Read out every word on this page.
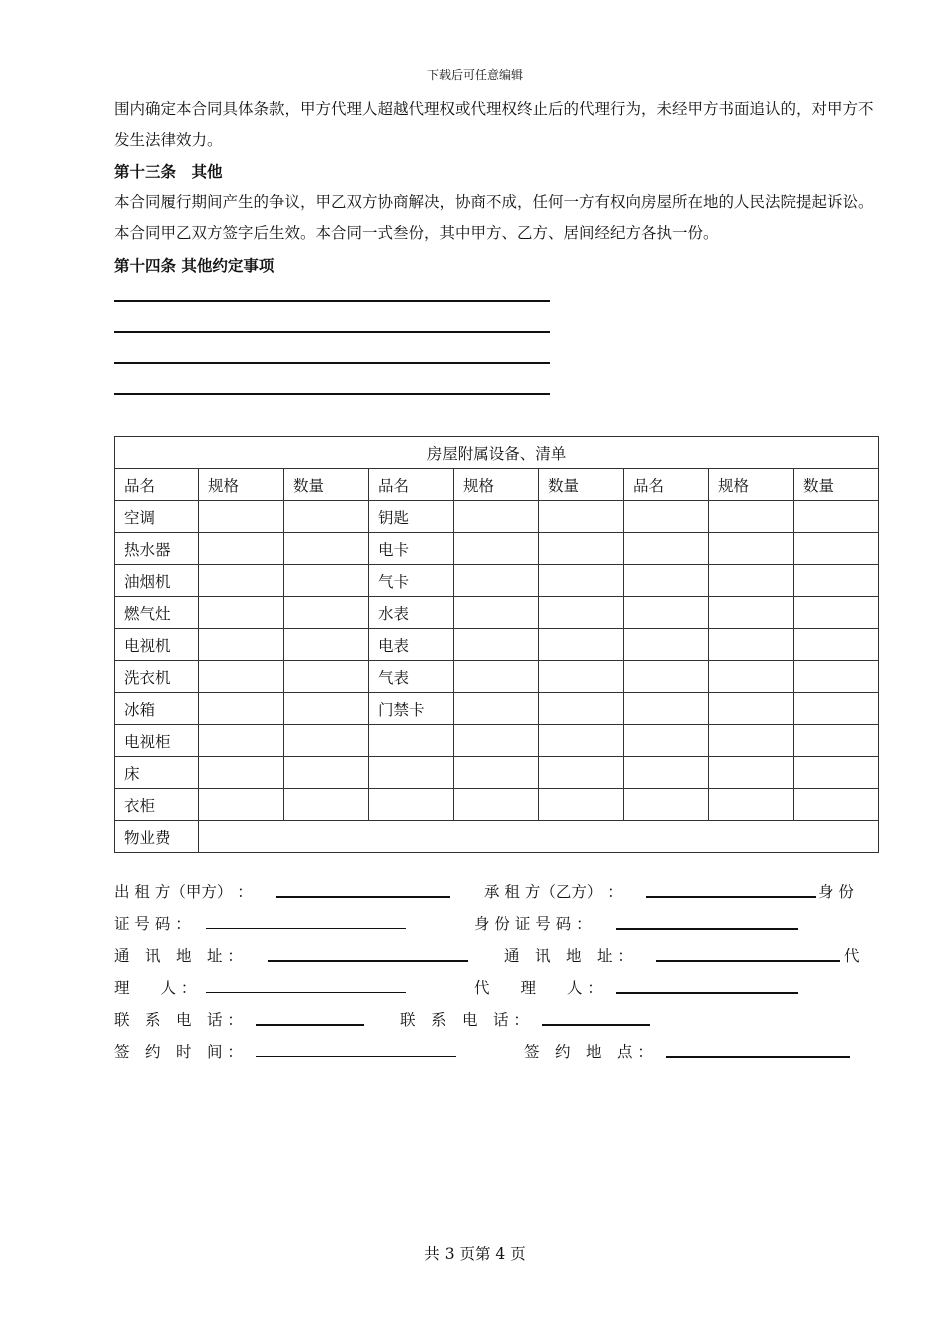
下载后可任意编辑
围内确定本合同具体条款，甲方代理人超越代理权或代理权终止后的代理行为，未经甲方书面追认的，对甲方不发生法律效力。
第十三条　其他
本合同履行期间产生的争议，甲乙双方协商解决，协商不成，任何一方有权向房屋所在地的人民法院提起诉讼。本合同甲乙双方签字后生效。本合同一式叁份，其中甲方、乙方、居间经纪方各执一份。
第十四条 其他约定事项
房屋附属设备、清单								
品名	规格	数量	品名	规格	数量	品名	规格	数量
空调			钥匙					
热水器			电卡					
油烟机			气卡					
燃气灶			水表					
电视机			电表					
洗衣机			气表					
冰箱			门禁卡					
电视柜								
床								
衣柜								
物业费								
出 租 方（甲方） ：	承 租 方（乙方） ：	身 份
证 号 码 ：	身 份 证 号 码 ：
通　讯　地　址 ：	通　讯　地　址 ：	代
理　　人 ：	代　　理　　人 ：
联　系　电　话 ：	联　系　电　话 ：
签　约　时　间 ：	签　约　地　点 ：
共 3 页第 4 页
